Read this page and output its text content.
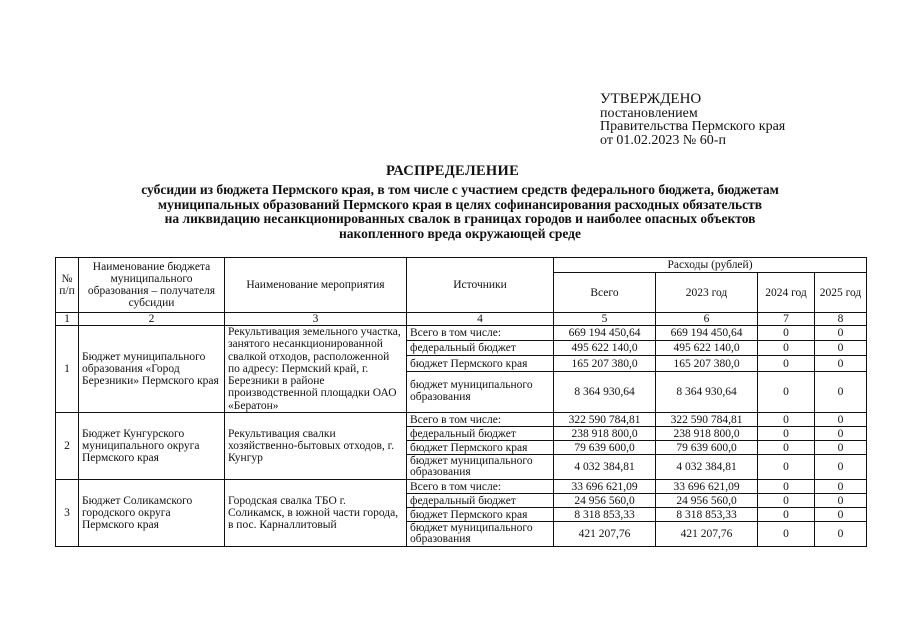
УТВЕРЖДЕНО
постановлением
Правительства Пермского края
от 01.02.2023 № 60-п
РАСПРЕДЕЛЕНИЕ
субсидии из бюджета Пермского края, в том числе с участием средств федерального бюджета, бюджетам
муниципальных образований Пермского края в целях софинансирования расходных обязательств
на ликвидацию несанкционированных свалок в границах городов и наиболее опасных объектов
накопленного вреда окружающей среде
№ п/п	Наименование бюджета муниципального образования – получателя субсидии	Наименование мероприятия	Источники	Расходы (рублей)			
				Всего	2023 год	2024 год	2025 год
1	2	3	4	5	6	7	8
1	Бюджет муниципального образования «Город Березники» Пермского края	Рекультивация земельного участка, занятого несанкционированной свалкой отходов, расположенной по адресу: Пермский край, г. Березники в районе производственной площадки ОАО «Бератон»	Всего в том числе:	669 194 450,64	669 194 450,64	0	0
			федеральный бюджет	495 622 140,0	495 622 140,0	0	0
			бюджет Пермского края	165 207 380,0	165 207 380,0	0	0
			бюджет муниципального образования	8 364 930,64	8 364 930,64	0	0
2	Бюджет Кунгурского муниципального округа Пермского края	Рекультивация свалки хозяйственно-бытовых отходов, г. Кунгур	Всего в том числе:	322 590 784,81	322 590 784,81	0	0
			федеральный бюджет	238 918 800,0	238 918 800,0	0	0
			бюджет Пермского края	79 639 600,0	79 639 600,0	0	0
			бюджет муниципального образования	4 032 384,81	4 032 384,81	0	0
3	Бюджет Соликамского городского округа Пермского края	Городская свалка ТБО г. Соликамск, в южной части города, в пос. Карналлитовый	Всего в том числе:	33 696 621,09	33 696 621,09	0	0
			федеральный бюджет	24 956 560,0	24 956 560,0	0	0
			бюджет Пермского края	8 318 853,33	8 318 853,33	0	0
			бюджет муниципального образования	421 207,76	421 207,76	0	0
